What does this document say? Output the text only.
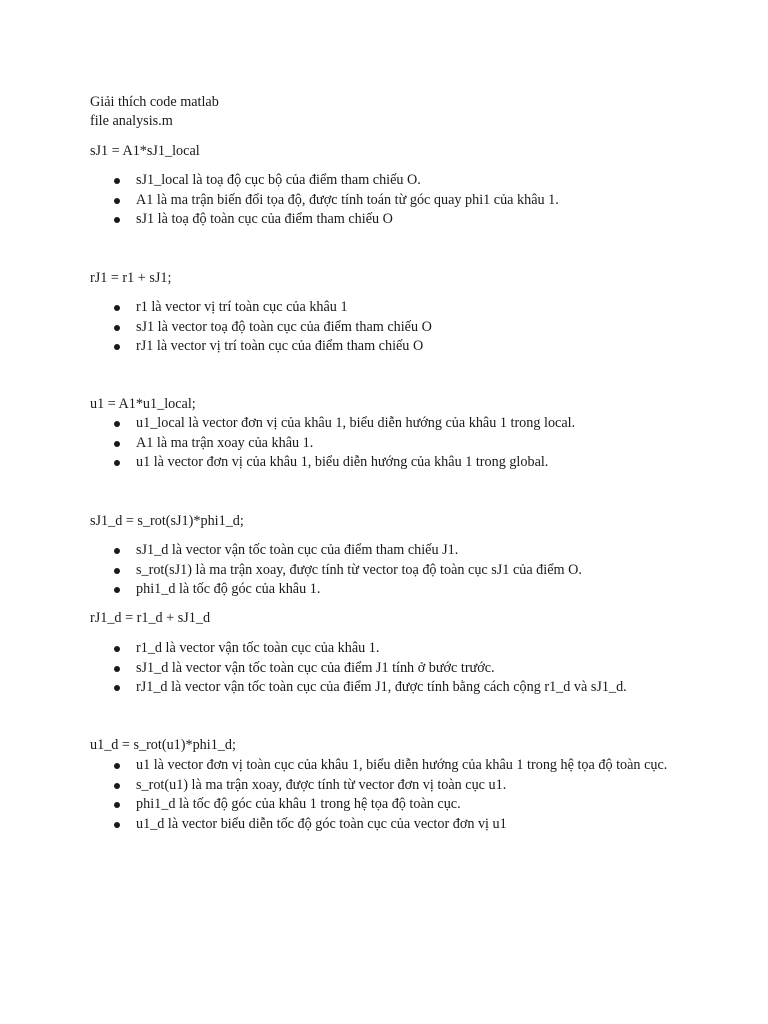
Giải thích code matlab
file analysis.m
sJ1 = A1*sJ1_local
sJ1_local là toạ độ cục bộ của điểm tham chiếu O.
A1 là ma trận biến đổi tọa độ, được tính toán từ góc quay phi1 của khâu 1.
sJ1 là toạ độ toàn cục của điểm tham chiếu O
rJ1 = r1 + sJ1;
r1 là vector vị trí toàn cục của khâu 1
sJ1 là vector toạ độ toàn cục của điểm tham chiếu O
rJ1 là vector vị trí toàn cục của điểm tham chiếu O
u1 = A1*u1_local;
u1_local là vector đơn vị của khâu 1, biểu diễn hướng của khâu 1 trong local.
A1 là ma trận xoay của khâu 1.
u1 là vector đơn vị của khâu 1, biểu diễn hướng của khâu 1 trong global.
sJ1_d = s_rot(sJ1)*phi1_d;
sJ1_d là vector vận tốc toàn cục của điểm tham chiếu J1.
s_rot(sJ1) là ma trận xoay, được tính từ vector toạ độ toàn cục sJ1 của điểm O.
phi1_d là tốc độ góc của khâu 1.
rJ1_d = r1_d + sJ1_d
r1_d là vector vận tốc toàn cục của khâu 1.
sJ1_d là vector vận tốc toàn cục của điểm J1 tính ở bước trước.
rJ1_d là vector vận tốc toàn cục của điểm J1, được tính bằng cách cộng r1_d và sJ1_d.
u1_d = s_rot(u1)*phi1_d;
u1 là vector đơn vị toàn cục của khâu 1, biểu diễn hướng của khâu 1 trong hệ tọa độ toàn cục.
s_rot(u1) là ma trận xoay, được tính từ vector đơn vị toàn cục u1.
phi1_d là tốc độ góc của khâu 1 trong hệ tọa độ toàn cục.
u1_d là vector biểu diễn tốc độ góc toàn cục của vector đơn vị u1
